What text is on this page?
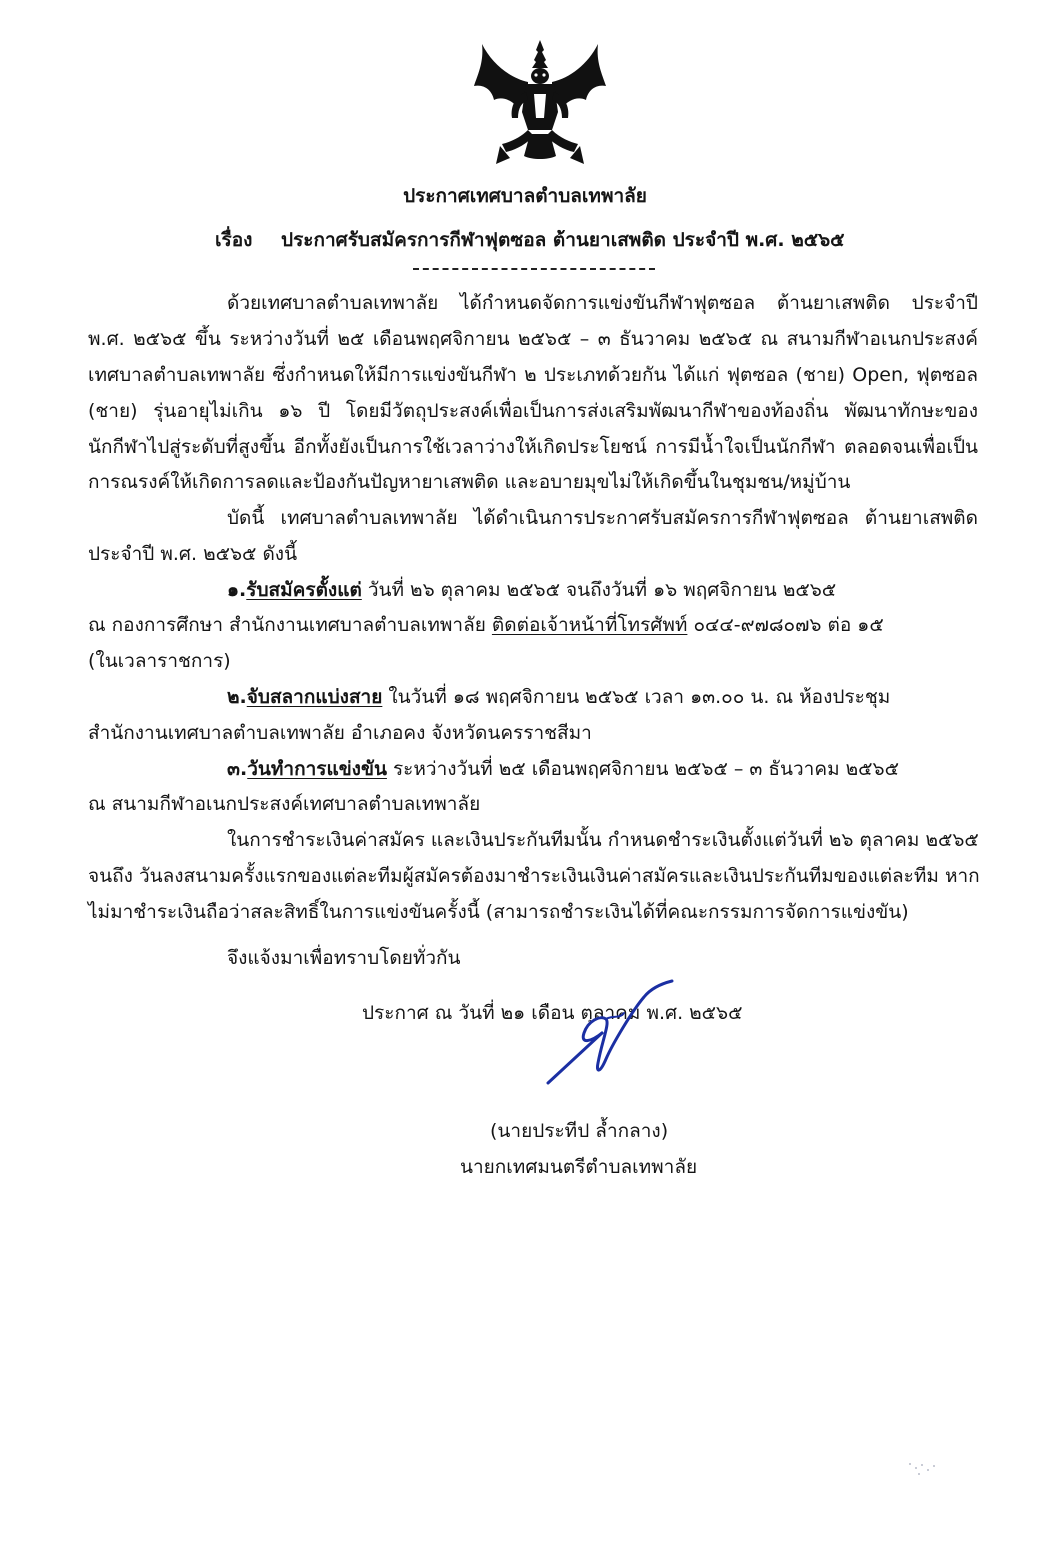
ประกาศเทศบาลตำบลเทพาลัย
เรื่อง ประกาศรับสมัครการกีฬาฟุตซอล ต้านยาเสพติด ประจำปี พ.ศ. ๒๕๖๕
ด้วยเทศบาลตำบลเทพาลัย ได้กำหนดจัดการแข่งขันกีฬาฟุตซอล ต้านยาเสพติด ประจำปี
พ.ศ. ๒๕๖๕ ขึ้น ระหว่างวันที่ ๒๕ เดือนพฤศจิกายน ๒๕๖๕ – ๓ ธันวาคม ๒๕๖๕ ณ สนามกีฬาอเนกประสงค์
เทศบาลตำบลเทพาลัย ซึ่งกำหนดให้มีการแข่งขันกีฬา ๒ ประเภทด้วยกัน ได้แก่ ฟุตซอล (ชาย) Open, ฟุตซอล
(ชาย) รุ่นอายุไม่เกิน ๑๖ ปี โดยมีวัตถุประสงค์เพื่อเป็นการส่งเสริมพัฒนากีฬาของท้องถิ่น พัฒนาทักษะของ
นักกีฬาไปสู่ระดับที่สูงขึ้น อีกทั้งยังเป็นการใช้เวลาว่างให้เกิดประโยชน์ การมีน้ำใจเป็นนักกีฬา ตลอดจนเพื่อเป็น
การณรงค์ให้เกิดการลดและป้องกันปัญหายาเสพติด และอบายมุขไม่ให้เกิดขึ้นในชุมชน/หมู่บ้าน
บัดนี้ เทศบาลตำบลเทพาลัย ได้ดำเนินการประกาศรับสมัครการกีฬาฟุตซอล ต้านยาเสพติด
ประจำปี พ.ศ. ๒๕๖๕ ดังนี้
๑.รับสมัครตั้งแต่ วันที่ ๒๖ ตุลาคม ๒๕๖๕ จนถึงวันที่ ๑๖ พฤศจิกายน ๒๕๖๕
ณ กองการศึกษา สำนักงานเทศบาลตำบลเทพาลัย ติดต่อเจ้าหน้าที่โทรศัพท์ ๐๔๔-๙๗๘๐๗๖ ต่อ ๑๕
(ในเวลาราชการ)
๒.จับสลากแบ่งสาย ในวันที่ ๑๘ พฤศจิกายน ๒๕๖๕ เวลา ๑๓.๐๐ น. ณ ห้องประชุม
สำนักงานเทศบาลตำบลเทพาลัย อำเภอคง จังหวัดนครราชสีมา
๓.วันทำการแข่งขัน ระหว่างวันที่ ๒๕ เดือนพฤศจิกายน ๒๕๖๕ – ๓ ธันวาคม ๒๕๖๕
ณ สนามกีฬาอเนกประสงค์เทศบาลตำบลเทพาลัย
ในการชำระเงินค่าสมัคร และเงินประกันทีมนั้น กำหนดชำระเงินตั้งแต่วันที่ ๒๖ ตุลาคม ๒๕๖๕
จนถึง วันลงสนามครั้งแรกของแต่ละทีมผู้สมัครต้องมาชำระเงินเงินค่าสมัครและเงินประกันทีมของแต่ละทีม หาก
ไม่มาชำระเงินถือว่าสละสิทธิ์ในการแข่งขันครั้งนี้ (สามารถชำระเงินได้ที่คณะกรรมการจัดการแข่งขัน)
จึงแจ้งมาเพื่อทราบโดยทั่วกัน
ประกาศ ณ วันที่ ๒๑ เดือน ตุลาคม พ.ศ. ๒๕๖๕
(นายประทีป ล้ำกลาง)
นายกเทศมนตรีตำบลเทพาลัย
